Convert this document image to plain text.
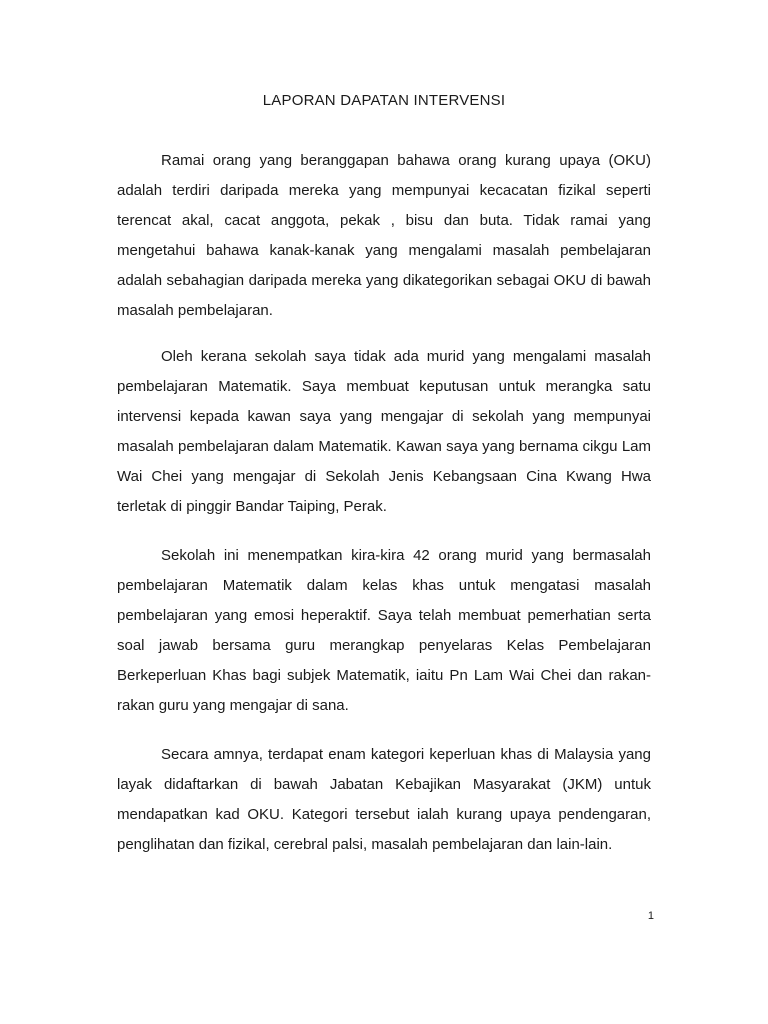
LAPORAN DAPATAN INTERVENSI

Ramai orang yang beranggapan bahawa orang kurang upaya (OKU) adalah terdiri daripada mereka yang mempunyai kecacatan fizikal seperti terencat akal, cacat anggota, pekak , bisu dan buta. Tidak ramai yang mengetahui bahawa kanak-kanak yang mengalami masalah pembelajaran adalah sebahagian daripada mereka yang dikategorikan sebagai OKU di bawah masalah pembelajaran.

Oleh kerana sekolah saya tidak ada murid yang mengalami masalah pembelajaran Matematik. Saya membuat keputusan untuk merangka satu intervensi kepada kawan saya yang mengajar di sekolah yang mempunyai masalah pembelajaran dalam Matematik. Kawan saya yang bernama cikgu Lam Wai Chei yang mengajar di Sekolah Jenis Kebangsaan Cina Kwang Hwa terletak di pinggir Bandar Taiping, Perak.

Sekolah ini menempatkan kira-kira 42 orang murid yang bermasalah pembelajaran Matematik dalam kelas khas untuk mengatasi masalah pembelajaran yang emosi heperaktif. Saya telah membuat pemerhatian serta soal jawab bersama guru merangkap penyelaras Kelas Pembelajaran Berkeperluan Khas bagi subjek Matematik, iaitu Pn Lam Wai Chei dan rakan-rakan guru yang mengajar di sana.

Secara amnya, terdapat enam kategori keperluan khas di Malaysia yang layak didaftarkan di bawah Jabatan Kebajikan Masyarakat (JKM) untuk mendapatkan kad OKU. Kategori tersebut ialah kurang upaya pendengaran, penglihatan dan fizikal, cerebral palsi, masalah pembelajaran dan lain-lain.

1
